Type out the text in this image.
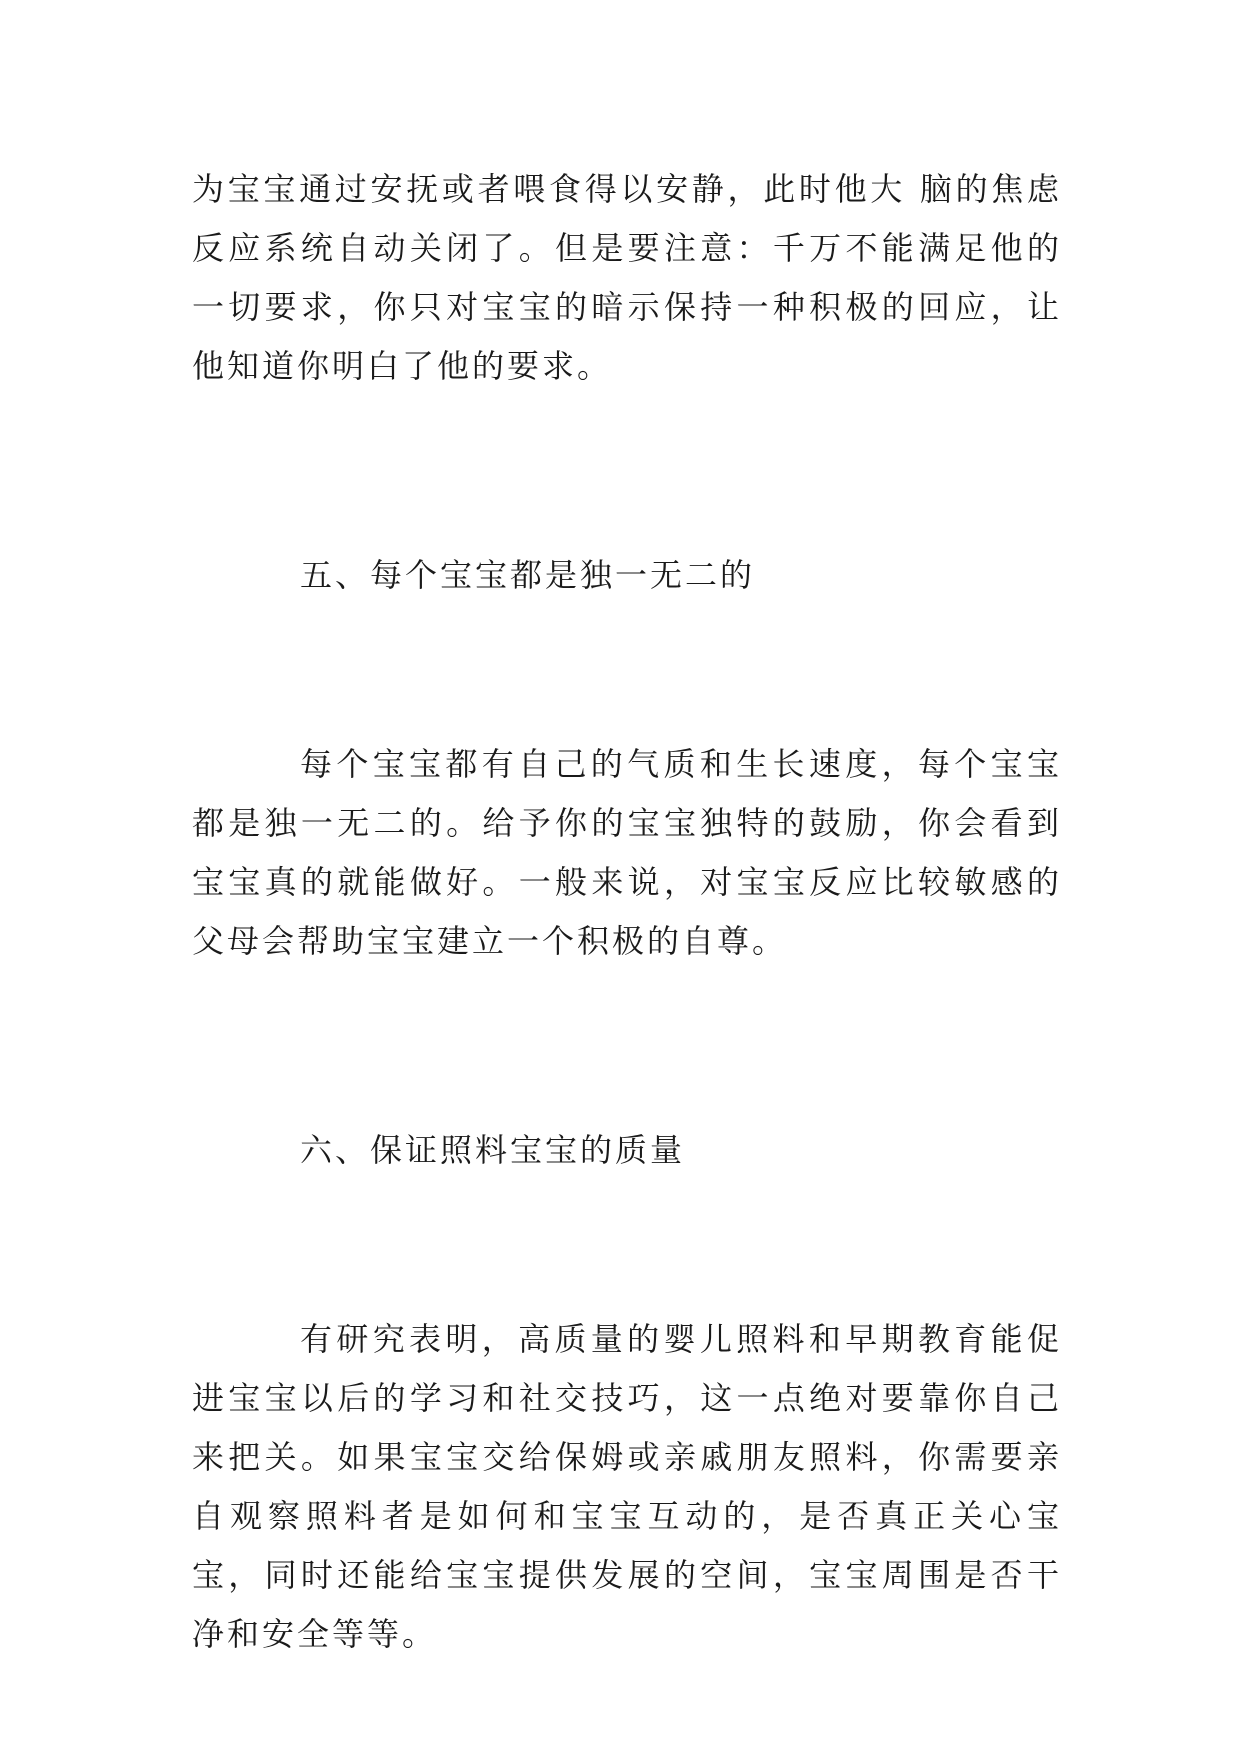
为宝宝通过安抚或者喂食得以安静，此时他大 脑的焦虑反应系统自动关闭了。但是要注意：千万不能满足他的一切要求，你只对宝宝的暗示保持一种积极的回应，让他知道你明白了他的要求。

五、每个宝宝都是独一无二的

每个宝宝都有自己的气质和生长速度，每个宝宝都是独一无二的。给予你的宝宝独特的鼓励，你会看到宝宝真的就能做好。一般来说，对宝宝反应比较敏感的父母会帮助宝宝建立一个积极的自尊。

六、保证照料宝宝的质量

有研究表明，高质量的婴儿照料和早期教育能促进宝宝以后的学习和社交技巧，这一点绝对要靠你自己来把关。如果宝宝交给保姆或亲戚朋友照料，你需要亲自观察照料者是如何和宝宝互动的，是否真正关心宝宝，同时还能给宝宝提供发展的空间，宝宝周围是否干净和安全等等。
